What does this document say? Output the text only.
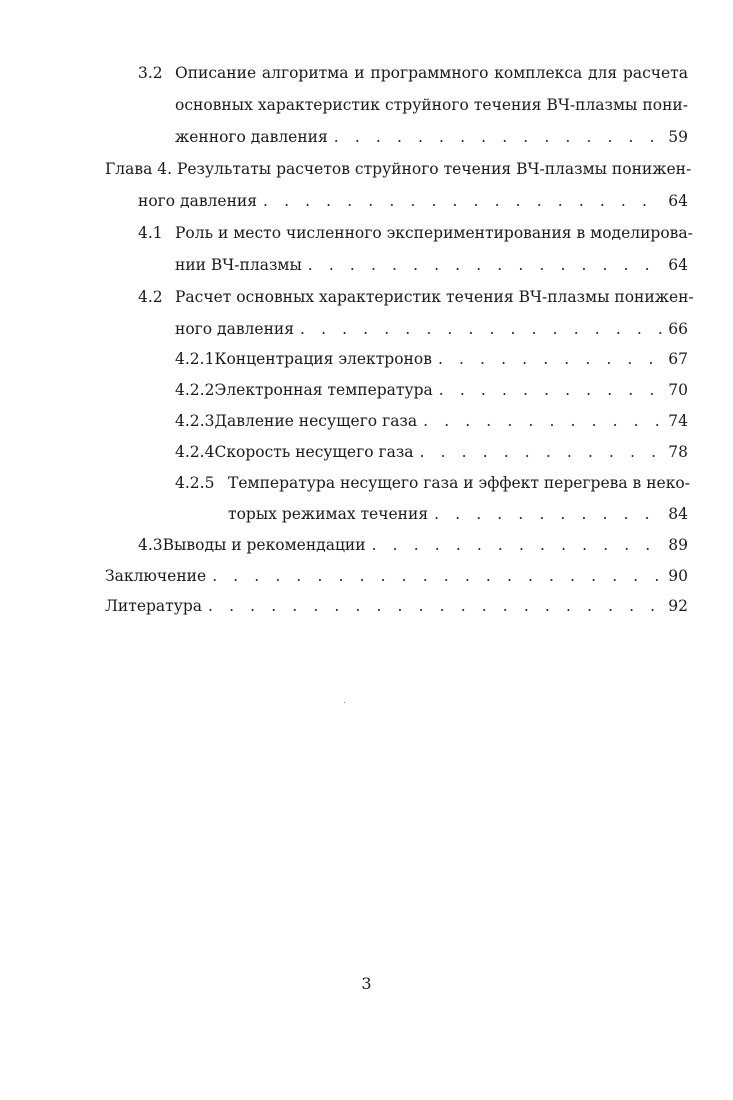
3.2 Описание алгоритма и программного комплекса для расчета
основных характеристик струйного течения ВЧ-плазмы пони-
женного давления . . .	59
Глава 4. Результаты расчетов струйного течения ВЧ-плазмы понижен-
ного давления . . .	64
4.1 Роль и место численного экспериментирования в моделирова-
нии ВЧ-плазмы . . .	64
4.2 Расчет основных характеристик течения ВЧ-плазмы понижен-
ного давления . . .	66
4.2.1 Концентрация электронов . . .	67
4.2.2 Электронная температура . . .	70
4.2.3 Давление несущего газа . . .	74
4.2.4 Скорость несущего газа . . .	78
4.2.5 Температура несущего газа и эффект перегрева в неко-
торых режимах течения . . .	84
4.3 Выводы и рекомендации . . .	89
Заключение . . .	90
Литература . . .	92
3
